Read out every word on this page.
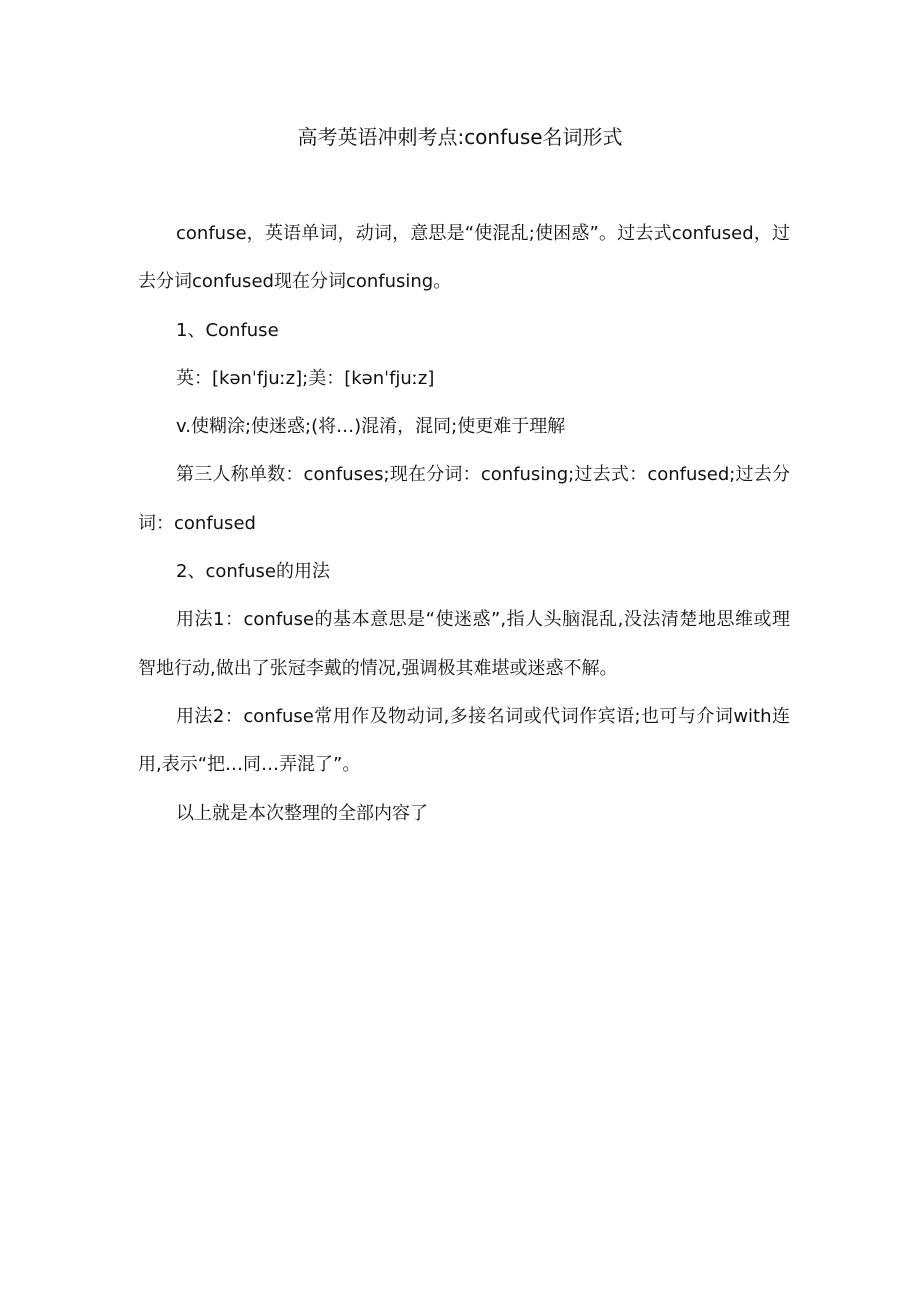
高考英语冲刺考点:confuse名词形式

confuse，英语单词，动词，意思是“使混乱;使困惑”。过去式confused，过去分词confused现在分词confusing。

1、Confuse

英：[kənˈfjuːz];美：[kənˈfjuːz]

v.使糊涂;使迷惑;(将…)混淆，混同;使更难于理解

第三人称单数：confuses;现在分词：confusing;过去式：confused;过去分词：confused

2、confuse的用法

用法1：confuse的基本意思是“使迷惑”,指人头脑混乱,没法清楚地思维或理智地行动,做出了张冠李戴的情况,强调极其难堪或迷惑不解。

用法2：confuse常用作及物动词,多接名词或代词作宾语;也可与介词with连用,表示“把…同…弄混了”。

以上就是本次整理的全部内容了
